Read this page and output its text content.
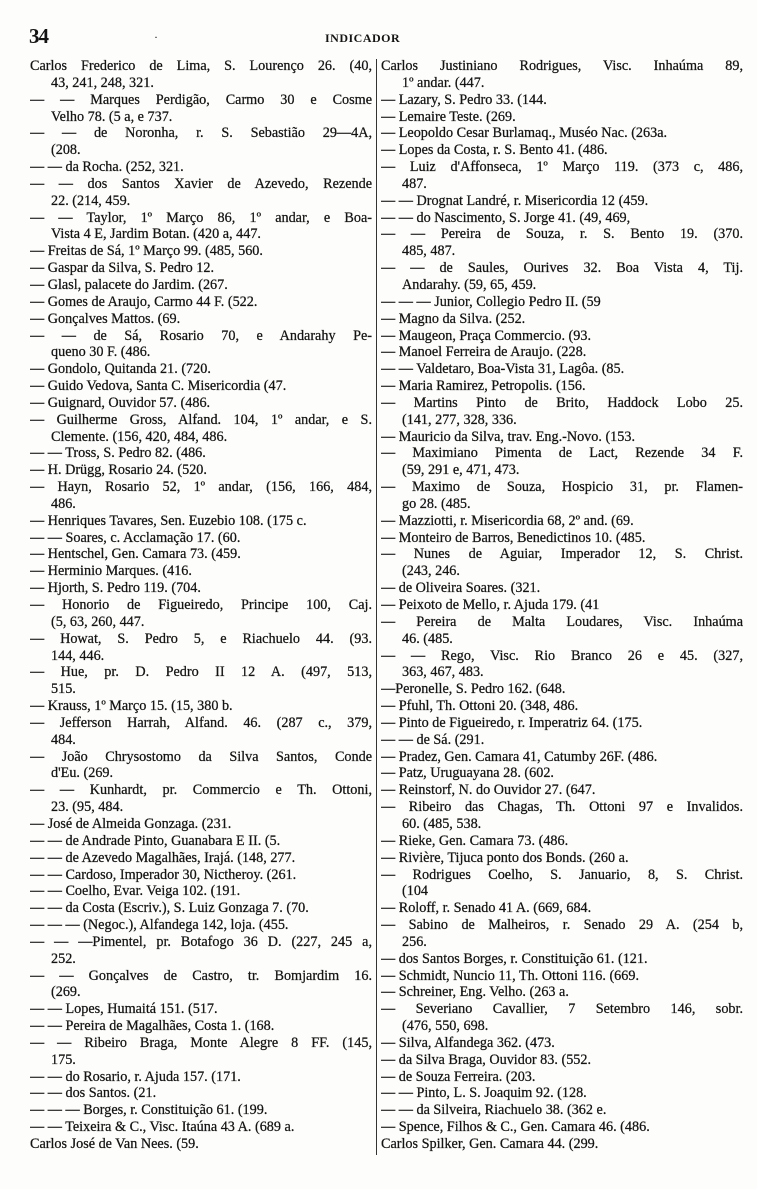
34	·	INDICADOR
Carlos Frederico de Lima, S. Lourenço 26. (40,
43, 241, 248, 321.
— — Marques Perdigão, Carmo 30 e Cosme
Velho 78. (5 a, e 737.
— — de Noronha, r. S. Sebastião 29—4A,
(208.
— — da Rocha. (252, 321.
— — dos Santos Xavier de Azevedo, Rezende
22. (214, 459.
— — Taylor, 1º Março 86, 1º andar, e Boa-
Vista 4 E, Jardim Botan. (420 a, 447.
— Freitas de Sá, 1º Março 99. (485, 560.
— Gaspar da Silva, S. Pedro 12.
— Glasl, palacete do Jardim. (267.
— Gomes de Araujo, Carmo 44 F. (522.
— Gonçalves Mattos. (69.
— — de Sá, Rosario 70, e Andarahy Pe-
queno 30 F. (486.
— Gondolo, Quitanda 21. (720.
— Guido Vedova, Santa C. Misericordia (47.
— Guignard, Ouvidor 57. (486.
— Guilherme Gross, Alfand. 104, 1º andar, e S.
Clemente. (156, 420, 484, 486.
— — Tross, S. Pedro 82. (486.
— H. Drügg, Rosario 24. (520.
— Hayn, Rosario 52, 1º andar, (156, 166, 484,
486.
— Henriques Tavares, Sen. Euzebio 108. (175 c.
— — Soares, c. Acclamação 17. (60.
— Hentschel, Gen. Camara 73. (459.
— Herminio Marques. (416.
— Hjorth, S. Pedro 119. (704.
— Honorio de Figueiredo, Principe 100, Caj.
(5, 63, 260, 447.
— Howat, S. Pedro 5, e Riachuelo 44. (93.
144, 446.
— Hue, pr. D. Pedro II 12 A. (497, 513,
515.
— Krauss, 1º Março 15. (15, 380 b.
— Jefferson Harrah, Alfand. 46. (287 c., 379,
484.
— João Chrysostomo da Silva Santos, Conde
d'Eu. (269.
— — Kunhardt, pr. Commercio e Th. Ottoni,
23. (95, 484.
— José de Almeida Gonzaga. (231.
— — de Andrade Pinto, Guanabara E II. (5.
— — de Azevedo Magalhães, Irajá. (148, 277.
— — Cardoso, Imperador 30, Nictheroy. (261.
— — Coelho, Evar. Veiga 102. (191.
— — da Costa (Escriv.), S. Luiz Gonzaga 7. (70.
— — — (Negoc.), Alfandega 142, loja. (455.
— — —Pimentel, pr. Botafogo 36 D. (227, 245 a,
252.
— — Gonçalves de Castro, tr. Bomjardim 16.
(269.
— — Lopes, Humaitá 151. (517.
— — Pereira de Magalhães, Costa 1. (168.
— — Ribeiro Braga, Monte Alegre 8 FF. (145,
175.
— — do Rosario, r. Ajuda 157. (171.
— — dos Santos. (21.
— — — Borges, r. Constituição 61. (199.
— — Teixeira & C., Visc. Itaúna 43 A. (689 a.
Carlos José de Van Nees. (59.
Carlos Justiniano Rodrigues, Visc. Inhaúma 89,
1º andar. (447.
— Lazary, S. Pedro 33. (144.
— Lemaire Teste. (269.
— Leopoldo Cesar Burlamaq., Muséo Nac. (263a.
— Lopes da Costa, r. S. Bento 41. (486.
— Luiz d'Affonseca, 1º Março 119. (373 c, 486,
487.
— — Drognat Landré, r. Misericordia 12 (459.
— — do Nascimento, S. Jorge 41. (49, 469,
— — Pereira de Souza, r. S. Bento 19. (370.
485, 487.
— — de Saules, Ourives 32. Boa Vista 4, Tij.
Andarahy. (59, 65, 459.
— — — Junior, Collegio Pedro II. (59
— Magno da Silva. (252.
— Maugeon, Praça Commercio. (93.
— Manoel Ferreira de Araujo. (228.
— — Valdetaro, Boa-Vista 31, Lagôa. (85.
— Maria Ramirez, Petropolis. (156.
— Martins Pinto de Brito, Haddock Lobo 25.
(141, 277, 328, 336.
— Mauricio da Silva, trav. Eng.-Novo. (153.
— Maximiano Pimenta de Lact, Rezende 34 F.
(59, 291 e, 471, 473.
— Maximo de Souza, Hospicio 31, pr. Flamen-
go 28. (485.
— Mazziotti, r. Misericordia 68, 2º and. (69.
— Monteiro de Barros, Benedictinos 10. (485.
— Nunes de Aguiar, Imperador 12, S. Christ.
(243, 246.
— de Oliveira Soares. (321.
— Peixoto de Mello, r. Ajuda 179. (41
— Pereira de Malta Loudares, Visc. Inhaúma
46. (485.
— — Rego, Visc. Rio Branco 26 e 45. (327,
363, 467, 483.
—Peronelle, S. Pedro 162. (648.
— Pfuhl, Th. Ottoni 20. (348, 486.
— Pinto de Figueiredo, r. Imperatriz 64. (175.
— — de Sá. (291.
— Pradez, Gen. Camara 41, Catumby 26F. (486.
— Patz, Uruguayana 28. (602.
— Reinstorf, N. do Ouvidor 27. (647.
— Ribeiro das Chagas, Th. Ottoni 97 e Invalidos.
60. (485, 538.
— Rieke, Gen. Camara 73. (486.
— Rivière, Tijuca ponto dos Bonds. (260 a.
— Rodrigues Coelho, S. Januario, 8, S. Christ.
(104
— Roloff, r. Senado 41 A. (669, 684.
— Sabino de Malheiros, r. Senado 29 A. (254 b,
256.
— dos Santos Borges, r. Constituição 61. (121.
— Schmidt, Nuncio 11, Th. Ottoni 116. (669.
— Schreiner, Eng. Velho. (263 a.
— Severiano Cavallier, 7 Setembro 146, sobr.
(476, 550, 698.
— Silva, Alfandega 362. (473.
— da Silva Braga, Ouvidor 83. (552.
— de Souza Ferreira. (203.
— — Pinto, L. S. Joaquim 92. (128.
— — da Silveira, Riachuelo 38. (362 e.
— Spence, Filhos & C., Gen. Camara 46. (486.
Carlos Spilker, Gen. Camara 44. (299.
